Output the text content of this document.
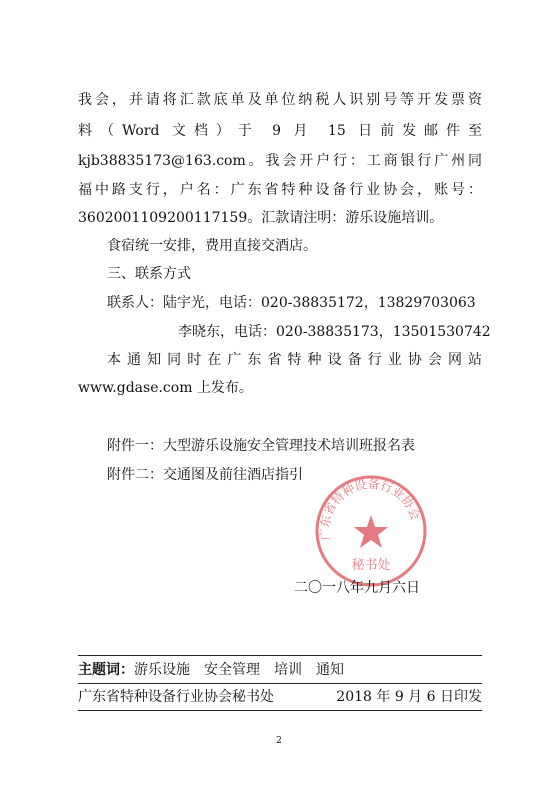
我会，并请将汇款底单及单位纳税人识别号等开发票资
料（Word 文档）于 9 月 15 日前发邮件至
kjb38835173@163.com。我会开户行：工商银行广州同
福中路支行，户名：广东省特种设备行业协会，账号：
3602001109200117159。汇款请注明：游乐设施培训。
食宿统一安排，费用直接交酒店。
三、联系方式
联系人：陆宇光，电话：020-38835172，13829703063
李晓东，电话：020-38835173，13501530742
本通知同时在广东省特种设备行业协会网站
www.gdase.com 上发布。
附件一：大型游乐设施安全管理技术培训班报名表
附件二：交通图及前往酒店指引
广东省特种设备行业协会
秘书处
二〇一八年九月六日
主题词：游乐设施　安全管理　培训　通知
广东省特种设备行业协会秘书处	2018 年 9 月 6 日印发
2
